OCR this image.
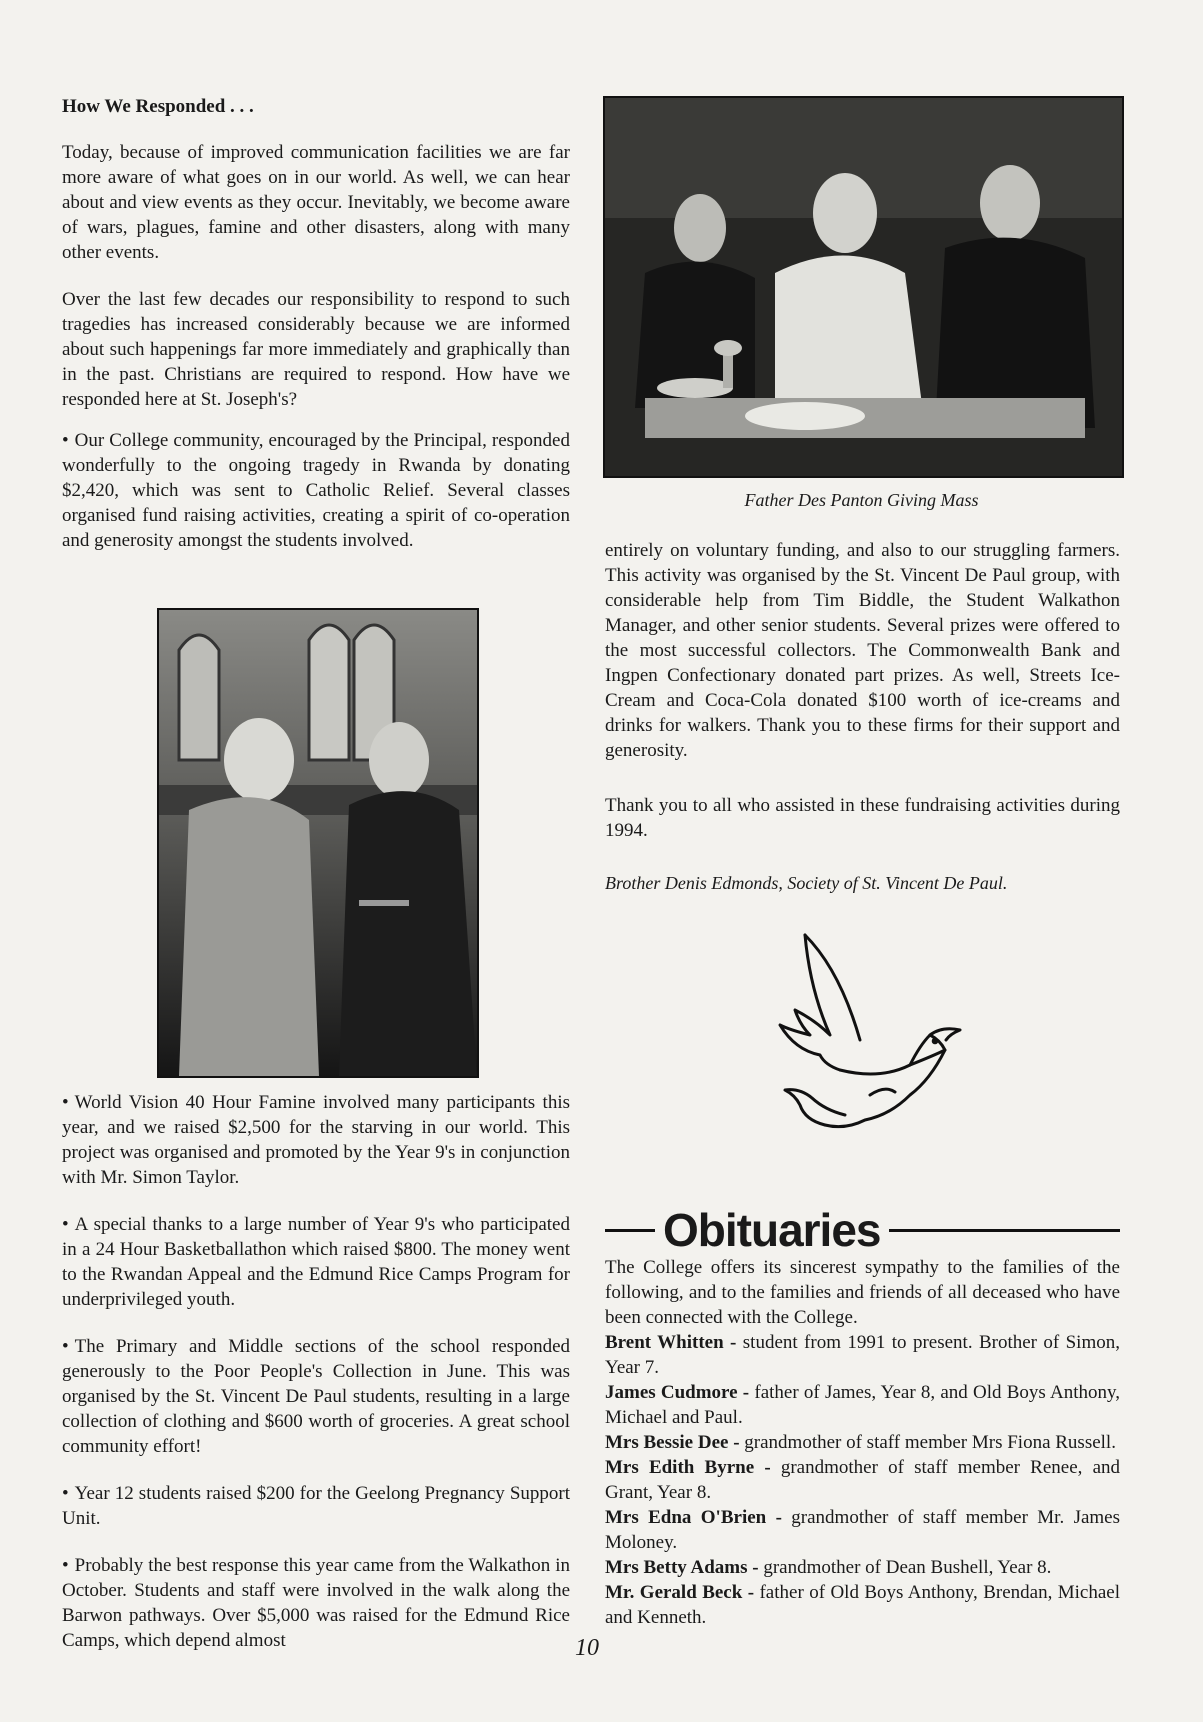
How We Responded . . .

Today, because of improved communication facilities we are far more aware of what goes on in our world. As well, we can hear about and view events as they occur. Inevitably, we become aware of wars, plagues, famine and other disasters, along with many other events.

Over the last few decades our responsibility to respond to such tragedies has increased considerably because we are informed about such happenings far more immediately and graphically than in the past. Christians are required to respond. How have we responded here at St. Joseph's?

• Our College community, encouraged by the Principal, responded wonderfully to the ongoing tragedy in Rwanda by donating $2,420, which was sent to Catholic Relief. Several classes organised fund raising activities, creating a spirit of co-operation and generosity amongst the students involved.

• World Vision 40 Hour Famine involved many participants this year, and we raised $2,500 for the starving in our world. This project was organised and promoted by the Year 9's in conjunction with Mr. Simon Taylor.

• A special thanks to a large number of Year 9's who participated in a 24 Hour Basketballathon which raised $800. The money went to the Rwandan Appeal and the Edmund Rice Camps Program for underprivileged youth.

• The Primary and Middle sections of the school responded generously to the Poor People's Collection in June. This was organised by the St. Vincent De Paul students, resulting in a large collection of clothing and $600 worth of groceries. A great school community effort!

• Year 12 students raised $200 for the Geelong Pregnancy Support Unit.

• Probably the best response this year came from the Walkathon in October. Students and staff were involved in the walk along the Barwon pathways. Over $5,000 was raised for the Edmund Rice Camps, which depend almost

Father Des Panton Giving Mass

entirely on voluntary funding, and also to our struggling farmers. This activity was organised by the St. Vincent De Paul group, with considerable help from Tim Biddle, the Student Walkathon Manager, and other senior students. Several prizes were offered to the most successful collectors. The Commonwealth Bank and Ingpen Confectionary donated part prizes. As well, Streets Ice-Cream and Coca-Cola donated $100 worth of ice-creams and drinks for walkers. Thank you to these firms for their support and generosity.

Thank you to all who assisted in these fundraising activities during 1994.

Brother Denis Edmonds, Society of St. Vincent De Paul.
Obituaries

The College offers its sincerest sympathy to the families of the following, and to the families and friends of all deceased who have been connected with the College.

Brent Whitten - student from 1991 to present. Brother of Simon, Year 7.

James Cudmore - father of James, Year 8, and Old Boys Anthony, Michael and Paul.

Mrs Bessie Dee - grandmother of staff member Mrs Fiona Russell.

Mrs Edith Byrne - grandmother of staff member Renee, and Grant, Year 8.

Mrs Edna O'Brien - grandmother of staff member Mr. James Moloney.

Mrs Betty Adams - grandmother of Dean Bushell, Year 8.

Mr. Gerald Beck - father of Old Boys Anthony, Brendan, Michael and Kenneth.

10
